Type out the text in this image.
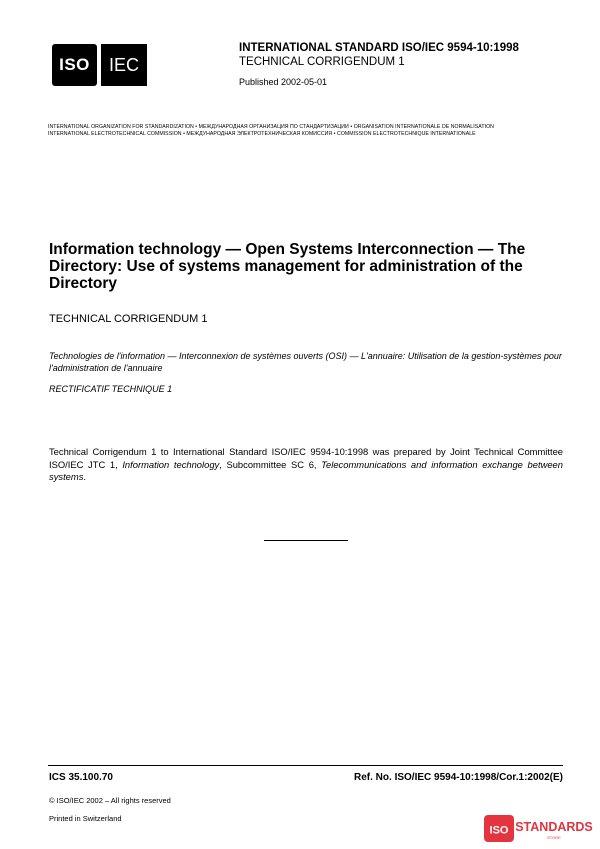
ISO IEC
INTERNATIONAL STANDARD ISO/IEC 9594-10:1998
TECHNICAL CORRIGENDUM 1
Published 2002-05-01
INTERNATIONAL ORGANIZATION FOR STANDARDIZATION • МЕЖДУНАРОДНАЯ ОРГАНИЗАЦИЯ ПО СТАНДАРТИЗАЦИИ • ORGANISATION INTERNATIONALE DE NORMALISATION
INTERNATIONAL ELECTROTECHNICAL COMMISSION • МЕЖДУНАРОДНАЯ ЭЛЕКТРОТЕХНИЧЕСКАЯ КОМИССИЯ • COMMISSION ELECTROTECHNIQUE INTERNATIONALE
Information technology — Open Systems Interconnection — The Directory: Use of systems management for administration of the Directory
TECHNICAL CORRIGENDUM 1
Technologies de l'information — Interconnexion de systèmes ouverts (OSI) — L'annuaire: Utilisation de la gestion-systèmes pour l'administration de l'annuaire
RECTIFICATIF TECHNIQUE 1
Technical Corrigendum 1 to International Standard ISO/IEC 9594-10:1998 was prepared by Joint Technical Committee ISO/IEC JTC 1, Information technology, Subcommittee SC 6, Telecommunications and information exchange between systems.
ICS 35.100.70	Ref. No. ISO/IEC 9594-10:1998/Cor.1:2002(E)
© ISO/IEC 2002 – All rights reserved
Printed in Switzerland
ISO STANDARDS
STORE
